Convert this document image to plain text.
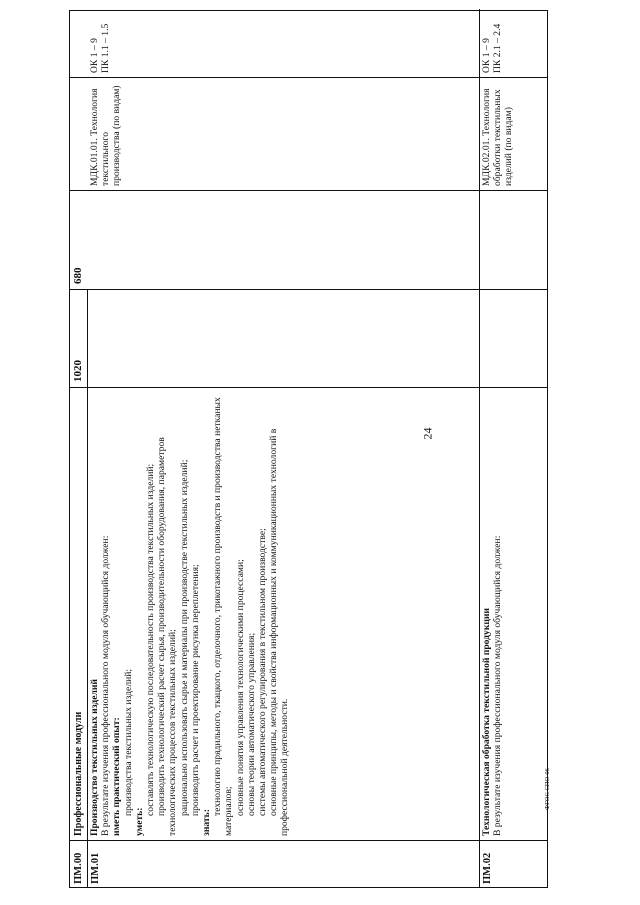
24
ФГОС СПО-06
ПМ.00
Профессиональные модули
1020
680
ПМ.01

Производство текстильных изделий В результате изучения профессионального модуля обучающийся должен: иметь практический опыт: производства текстильных изделий;

уметь:

составлять технологическую последовательность производства текстильных изделий; производить технологический расчет сырья, производительности оборудования, параметров технологических процессов текстильных изделий; рационально использовать сырье и материалы при производстве текстильных изделий; производить расчет и проектирование рисунка переплетения;

знать:

технологию прядильного, ткацкого, отделочного, трикотажного производств и производства нетканых материалов; основные понятия управления технологическими процессами; основы теории автоматического управления; системы автоматического регулирования в текстильном производстве; основные принципы, методы и свойства информационных и коммуникационных технологий в профессиональной деятельности.

МДК.01.01. Технология текстильного производства (по видам)

ОК 1 – 9 ПК 1.1 – 1.5

ПМ.02

Технологическая обработка текстильной продукции В результате изучения профессионального модуля обучающийся должен:

МДК.02.01. Технология обработки текстильных изделий (по видам)

ОК 1 – 9 ПК 2.1 – 2.4
